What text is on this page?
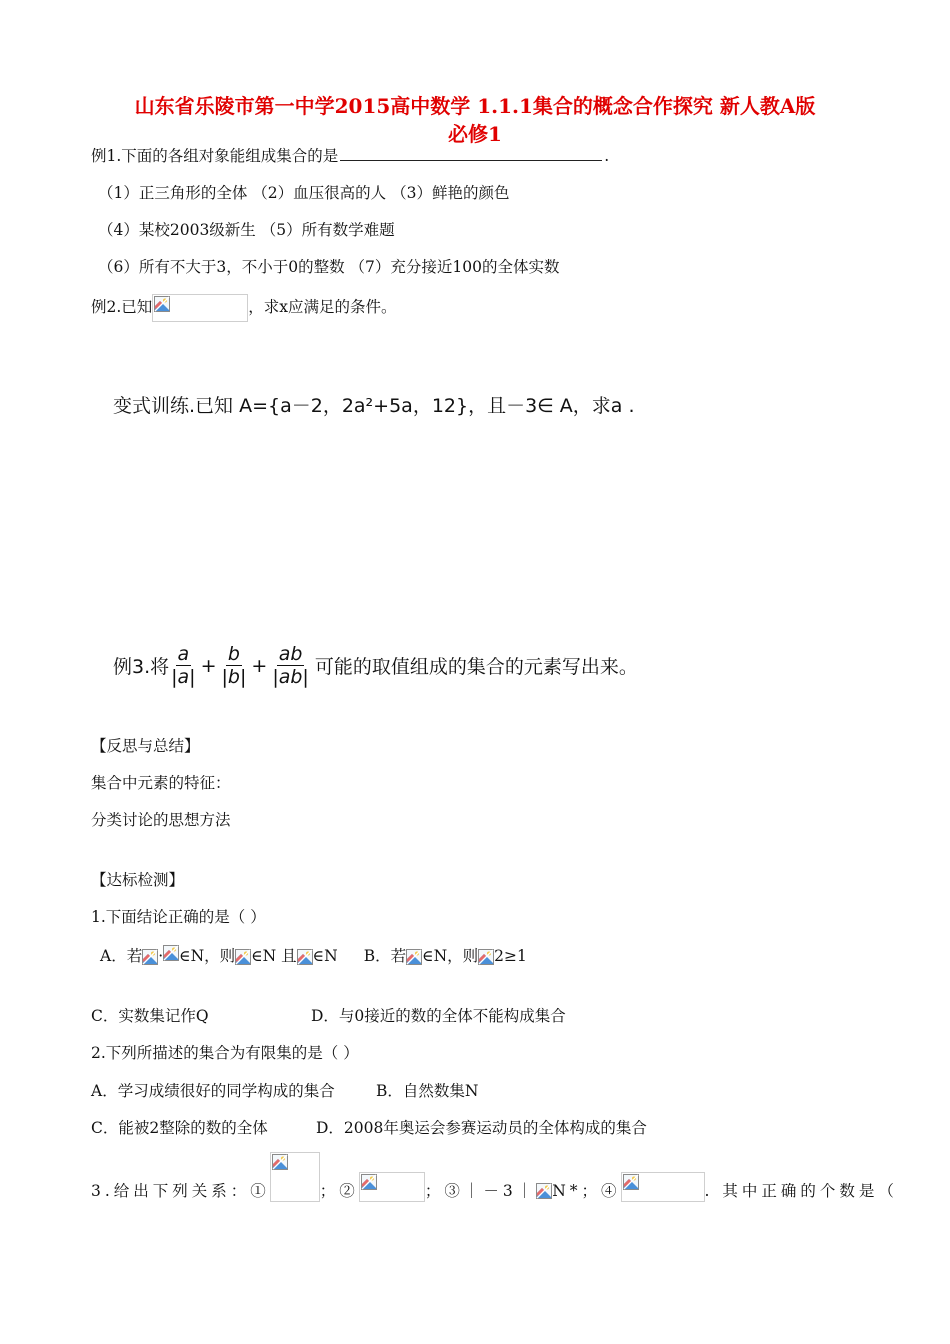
山东省乐陵市第一中学2015高中数学 1.1.1集合的概念合作探究 新人教A版
必修1
例1.下面的各组对象能组成集合的是	.
（1）正三角形的全体 （2）血压很高的人 （3）鲜艳的颜色
（4）某校2003级新生 （5）所有数学难题
（6）所有不大于3，不小于0的整数 （7）充分接近100的全体实数
例2.已知	，求x应满足的条件。
变式训练.已知 A={a－2，2a²+5a，12}，且－3∈ A，求a .
例3.将 $\frac{a}{|a|} + \frac{b}{|b|} + \frac{ab}{|ab|}$ 可能的取值组成的集合的元素写出来。
【反思与总结】
集合中元素的特征：
分类讨论的思想方法
【达标检测】
1.下面结论正确的是（ ）
A．若 · ∈N，则 ∈N 且 ∈N B．若 ∈N，则 2≥1
C．实数集记作Q	D．与0接近的数的全体不能构成集合
2.下列所描述的集合为有限集的是（ ）
A．学习成绩很好的同学构成的集合	B．自然数集N
C．能被2整除的数的全体	D．2008年奥运会参赛运动员的全体构成的集合
3.给出下列关系：①	；②	；③｜－3｜ N*；④	. 其中正确的个数是（
